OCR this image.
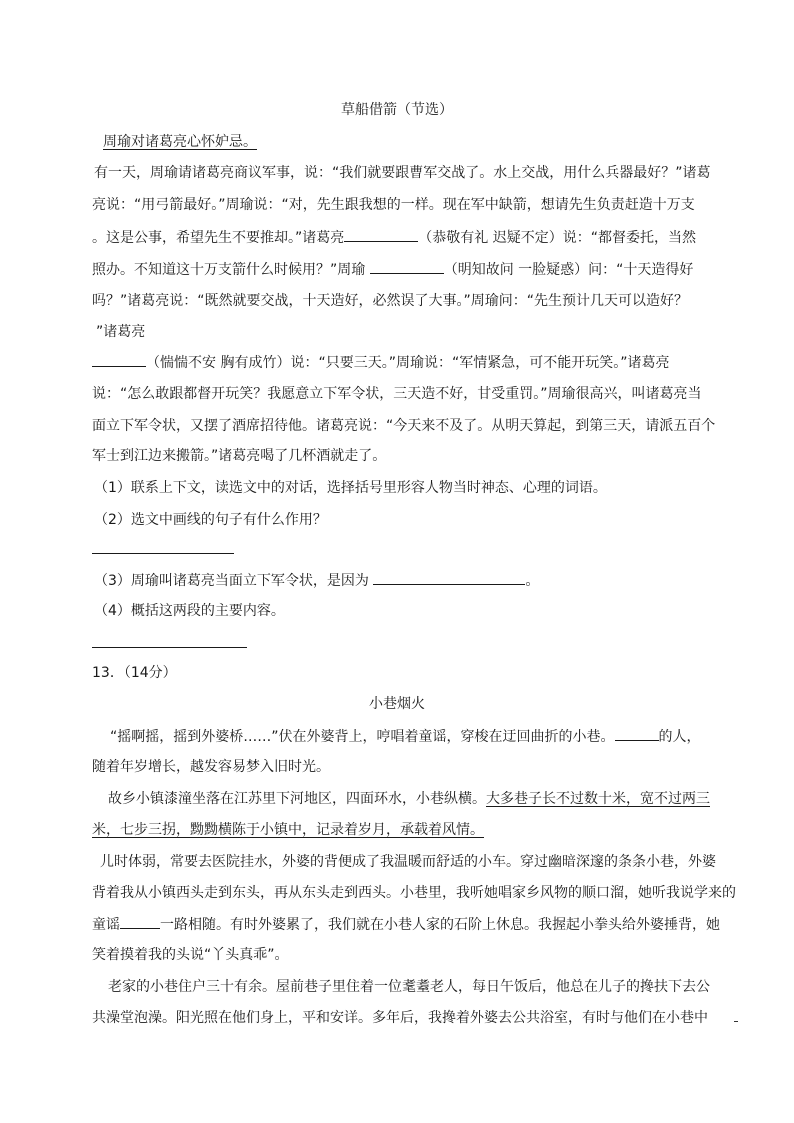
草船借箭（节选）
周瑜对诸葛亮心怀妒忌。
有一天，周瑜请诸葛亮商议军事，说：“我们就要跟曹军交战了。水上交战，用什么兵器最好？”诸葛
亮说：“用弓箭最好。”周瑜说：“对，先生跟我想的一样。现在军中缺箭，想请先生负责赶造十万支
。这是公事，希望先生不要推却。”诸葛亮	（恭敬有礼 迟疑不定）说：“都督委托，当然
照办。不知道这十万支箭什么时候用？”周瑜	（明知故问 一脸疑惑）问：“十天造得好
吗？”诸葛亮说：“既然就要交战，十天造好，必然误了大事。”周瑜问：“先生预计几天可以造好？
”诸葛亮
（惴惴不安 胸有成竹）说：“只要三天。”周瑜说：“军情紧急，可不能开玩笑。”诸葛亮
说：“怎么敢跟都督开玩笑？我愿意立下军令状，三天造不好，甘受重罚。”周瑜很高兴，叫诸葛亮当
面立下军令状，又摆了酒席招待他。诸葛亮说：“今天来不及了。从明天算起，到第三天，请派五百个
军士到江边来搬箭。”诸葛亮喝了几杯酒就走了。
（1）联系上下文，读选文中的对话，选择括号里形容人物当时神态、心理的词语。
（2）选文中画线的句子有什么作用？
（3）周瑜叫诸葛亮当面立下军令状，是因为	。
（4）概括这两段的主要内容。
13．（14分）
小巷烟火
“摇啊摇，摇到外婆桥……”伏在外婆背上，哼唱着童谣，穿梭在迂回曲折的小巷。	的人，
随着年岁增长，越发容易梦入旧时光。
故乡小镇漆潼坐落在江苏里下河地区，四面环水，小巷纵横。大多巷子长不过数十米，宽不过两三
米，七步三拐，黝黝横陈于小镇中，记录着岁月，承载着风情。
儿时体弱，常要去医院挂水，外婆的背便成了我温暖而舒适的小车。穿过幽暗深邃的条条小巷，外婆
背着我从小镇西头走到东头，再从东头走到西头。小巷里，我听她唱家乡风物的顺口溜，她听我说学来的
童谣	一路相随。有时外婆累了，我们就在小巷人家的石阶上休息。我握起小拳头给外婆捶背，她
笑着摸着我的头说“丫头真乖”。
老家的小巷住户三十有余。屋前巷子里住着一位耄耋老人，每日午饭后，他总在儿子的搀扶下去公
共澡堂泡澡。阳光照在他们身上，平和安详。多年后，我搀着外婆去公共浴室，有时与他们在小巷中
